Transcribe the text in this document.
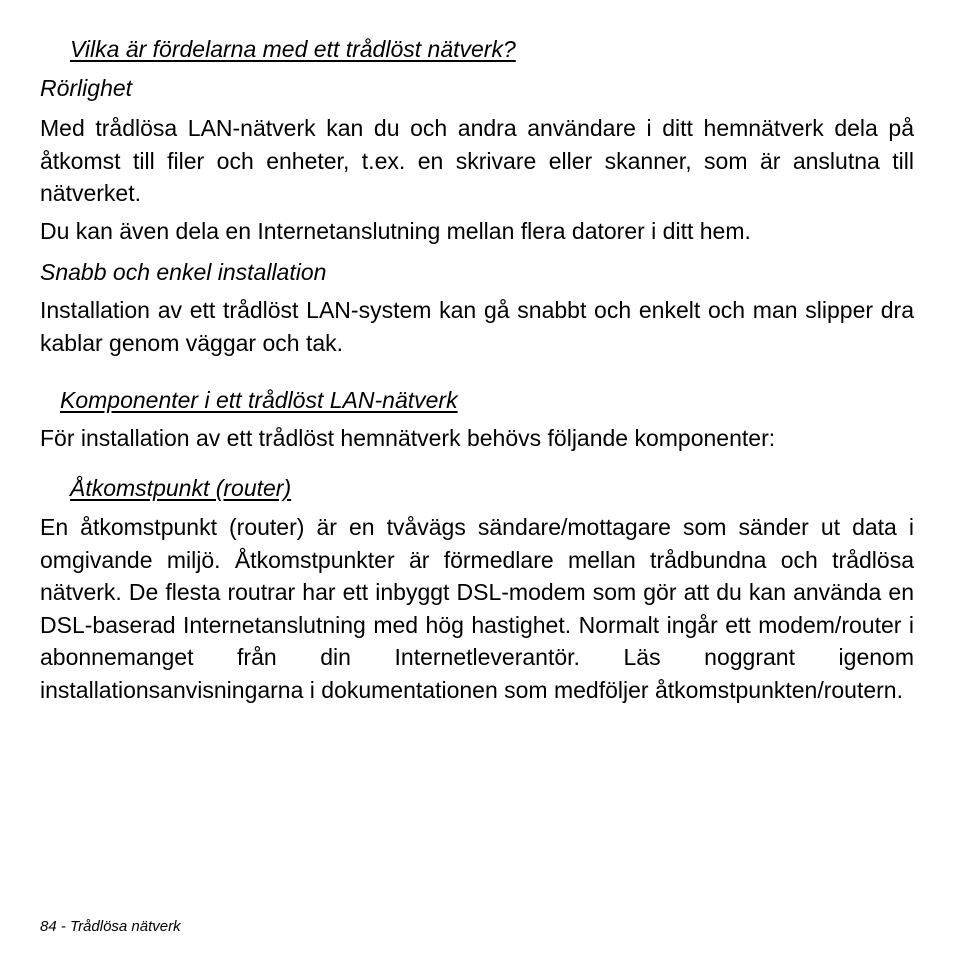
Vilka är fördelarna med ett trådlöst nätverk?
Rörlighet

Med trådlösa LAN-nätverk kan du och andra användare i ditt hemnätverk dela på åtkomst till filer och enheter, t.ex. en skrivare eller skanner, som är anslutna till nätverket.

Du kan även dela en Internetanslutning mellan flera datorer i ditt hem.

Snabb och enkel installation

Installation av ett trådlöst LAN-system kan gå snabbt och enkelt och man slipper dra kablar genom väggar och tak.

Komponenter i ett trådlöst LAN-nätverk

För installation av ett trådlöst hemnätverk behövs följande komponenter:

Åtkomstpunkt (router)

En åtkomstpunkt (router) är en tvåvägs sändare/mottagare som sänder ut data i omgivande miljö. Åtkomstpunkter är förmedlare mellan trådbundna och trådlösa nätverk. De flesta routrar har ett inbyggt DSL-modem som gör att du kan använda en DSL-baserad Internetanslutning med hög hastighet. Normalt ingår ett modem/router i abonnemanget från din Internetleverantör. Läs noggrant igenom installationsanvisningarna i dokumentationen som medföljer åtkomstpunkten/routern.

84 - Trådlösa nätverk
